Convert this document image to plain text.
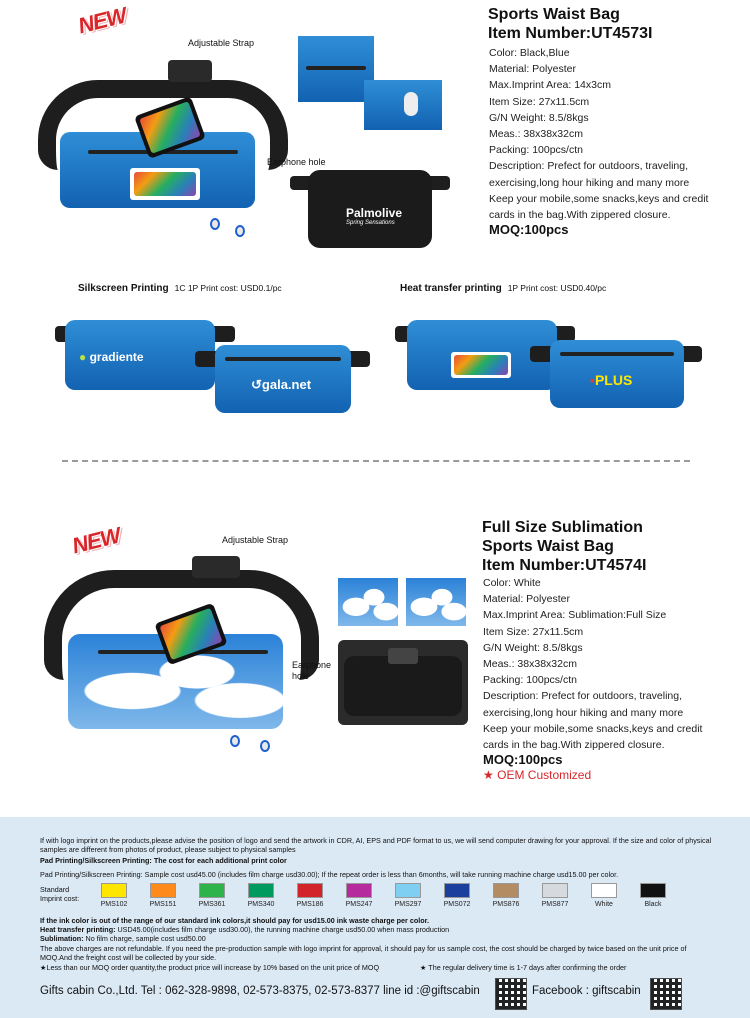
NEW
Adjustable Strap
Earphone hole
Palmolive
Spring Sensations
Sports Waist Bag
Item Number:UT4573I
Color: Black,Blue
Material: Polyester
Max.Imprint Area: 14x3cm
Item Size: 27x11.5cm
G/N Weight: 8.5/8kgs
Meas.: 38x38x32cm
Packing: 100pcs/ctn
Description: Prefect for outdoors, traveling,
exercising,long hour hiking and many more
Keep your mobile,some snacks,keys and credit
cards in the bag.With zippered closure.
MOQ:100pcs
Silkscreen Printing 1C 1P Print cost: USD0.1/pc	Heat transfer printing 1P Print cost: USD0.40/pc
● gradiente
↺gala.net	▪PLUS
NEW	Adjustable Strap
Earphone
hole
Full Size Sublimation
Sports Waist Bag
Item Number:UT4574I
Color: White
Material: Polyester
Max.Imprint Area: Sublimation:Full Size
Item Size: 27x11.5cm
G/N Weight: 8.5/8kgs
Meas.: 38x38x32cm
Packing: 100pcs/ctn
Description: Prefect for outdoors, traveling,
exercising,long hour hiking and many more
Keep your mobile,some snacks,keys and credit
cards in the bag.With zippered closure.
MOQ:100pcs
★ OEM Customized
If with logo imprint on the products,please advise the position of logo and send the artwork in CDR, AI, EPS and PDF format to us, we will send computer drawing for your approval. If the size and color of physical samples are different from photos of product, please subject to physical samples
Pad Printing/Silkscreen Printing: The cost for each additional print color
Pad Printing/Silkscreen Printing: Sample cost usd45.00 (includes film charge usd30.00); If the repeat order is less than 6months, will take running machine charge usd15.00 per color.
Standard
Imprint cost:
PMS102	PMS151	PMS361	PMS340	PMS186	PMS247	PMS297	PMS072	PMS876	PMS877	White	Black
If the ink color is out of the range of our standard ink colors,it should pay for usd15.00 ink waste charge per color.
Heat transfer printing: USD45.00(includes film charge usd30.00), the running machine charge usd50.00 when mass production
Sublimation: No film charge, sample cost usd50.00
The above charges are not refundable. If you need the pre-production sample with logo imprint for approval, it should pay for us sample cost, the cost should be charged by twice based on the unit price of MOQ.And the freight cost will be collected by your side.
★Less than our MOQ order quantity,the product price will increase by 10% based on the unit price of MOQ	★ The regular delivery time is 1-7 days after confirming the order
Gifts cabin Co.,Ltd. Tel : 062-328-9898, 02-573-8375, 02-573-8377 line id :@giftscabin	Facebook : giftscabin
